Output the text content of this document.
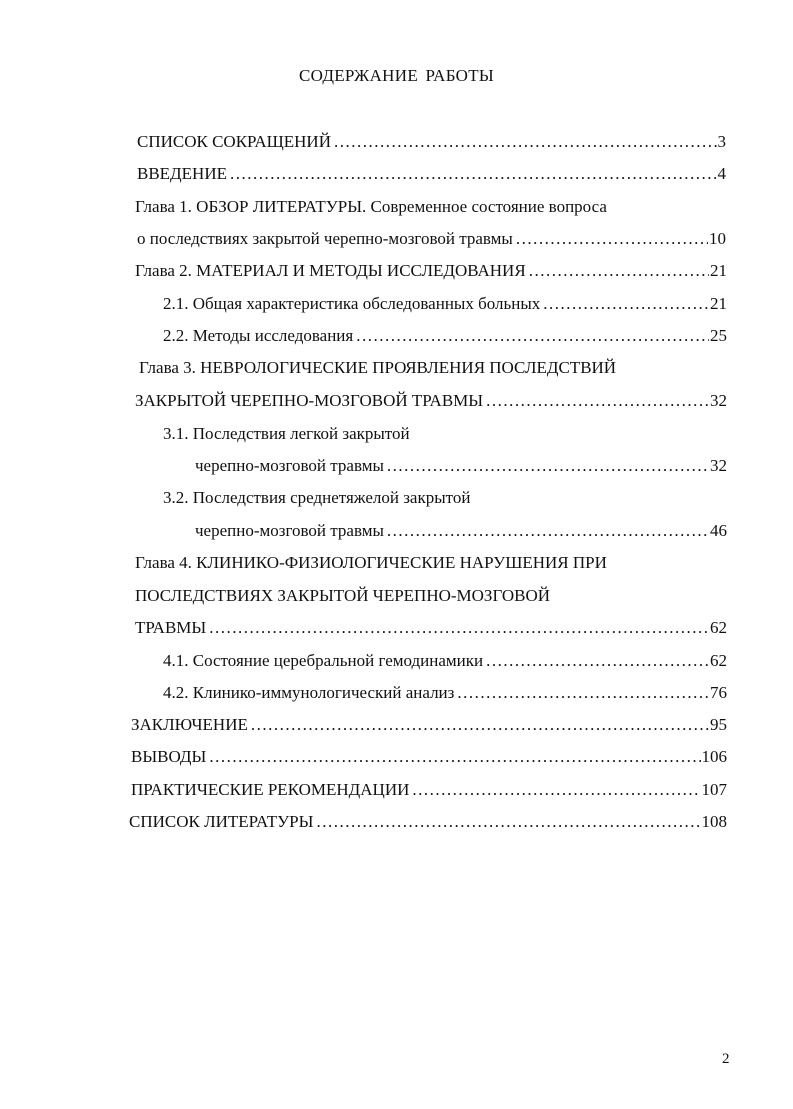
СОДЕРЖАНИЕ РАБОТЫ
СПИСОК СОКРАЩЕНИЙ .....	3
ВВЕДЕНИЕ .....	4
Глава 1. ОБЗОР ЛИТЕРАТУРЫ. Современное состояние вопроса
о последствиях закрытой черепно-мозговой травмы .....	10
Глава 2. МАТЕРИАЛ И МЕТОДЫ ИССЛЕДОВАНИЯ .....	21
2.1. Общая характеристика обследованных больных .....	21
2.2. Методы исследования .....	25
Глава 3. НЕВРОЛОГИЧЕСКИЕ ПРОЯВЛЕНИЯ ПОСЛЕДСТВИЙ
ЗАКРЫТОЙ ЧЕРЕПНО-МОЗГОВОЙ ТРАВМЫ .....	32
3.1. Последствия легкой закрытой
черепно-мозговой травмы .....	32
3.2. Последствия среднетяжелой закрытой
черепно-мозговой травмы .....	46
Глава 4. КЛИНИКО-ФИЗИОЛОГИЧЕСКИЕ НАРУШЕНИЯ ПРИ
ПОСЛЕДСТВИЯХ ЗАКРЫТОЙ ЧЕРЕПНО-МОЗГОВОЙ
ТРАВМЫ .....	62
4.1. Состояние церебральной гемодинамики .....	62
4.2. Клинико-иммунологический анализ .....	76
ЗАКЛЮЧЕНИЕ .....	95
ВЫВОДЫ .....	106
ПРАКТИЧЕСКИЕ РЕКОМЕНДАЦИИ .....	107
СПИСОК ЛИТЕРАТУРЫ .....	108
2
